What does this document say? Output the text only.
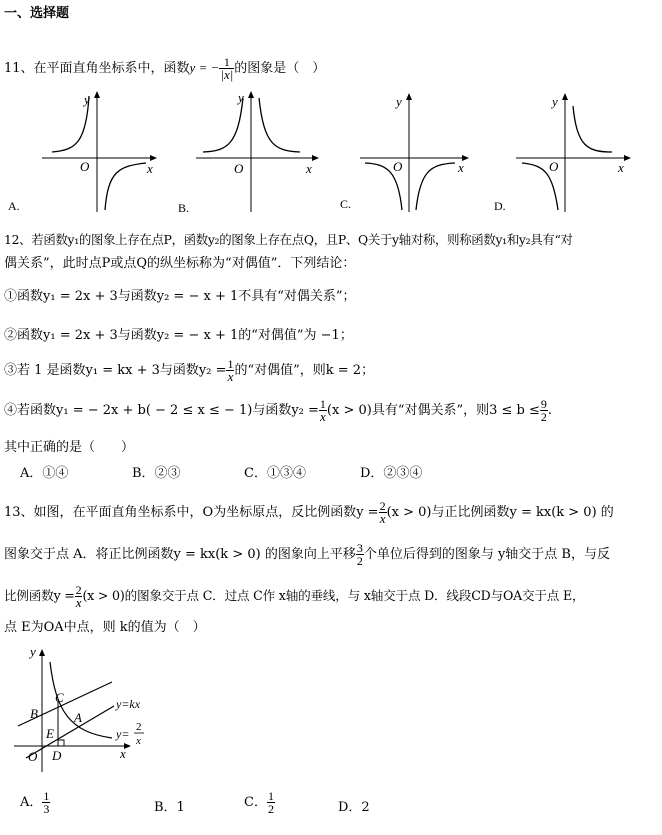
一、选择题
11、在平面直角坐标系中，函数y = − $\frac{1}{|x|}$ 的图象是（　）
y
x
O
A.
y
x
O
B.
y
x
O
C.
y
x
O
D.
12、若函数y₁的图象上存在点P，函数y₂的图象上存在点Q，且P、Q关于y轴对称，则称函数y₁和y₂具有“对
偶关系”，此时点P或点Q的纵坐标称为“对偶值”．下列结论：
①函数y₁ = 2x + 3与函数y₂ = − x + 1不具有“对偶关系”；
②函数y₁ = 2x + 3与函数y₂ = − x + 1的“对偶值”为 −1；
③若 1 是函数y₁ = kx + 3与函数$y_2 = \frac{1}{x}$ 的“对偶值”，则k = 2；
④若函数y₁ = − 2x + b( − 2 ≤ x ≤ − 1)与函数$y_2 = \frac{1}{x} (x > 0)$具有“对偶关系”，则$3 \le b \le \frac{9}{2}$ .
其中正确的是（　　）
A．①④	B．②③	C．①③④	D．②③④
13、如图，在平面直角坐标系中，O为坐标原点，反比例函数$y = \frac{2}{x} (x > 0)$与正比例函数y = kx(k > 0) 的
图象交于点 A．将正比例函数y = kx(k > 0) 的图象向上平移 $\frac{3}{2}$ 个单位后得到的图象与 y轴交于点 B，与反
比例函数$y = \frac{2}{x} (x > 0)$的图象交于点 C．过点 C作 x轴的垂线，与 x轴交于点 D．线段CD与OA交于点 E，
点 E为OA中点，则 k的值为（　）
y
x
O
B
C
A
E
D
y=kx
y= 2
x
A． $\frac{1}{3}$	B．1	C． $\frac{1}{2}$	D．2
